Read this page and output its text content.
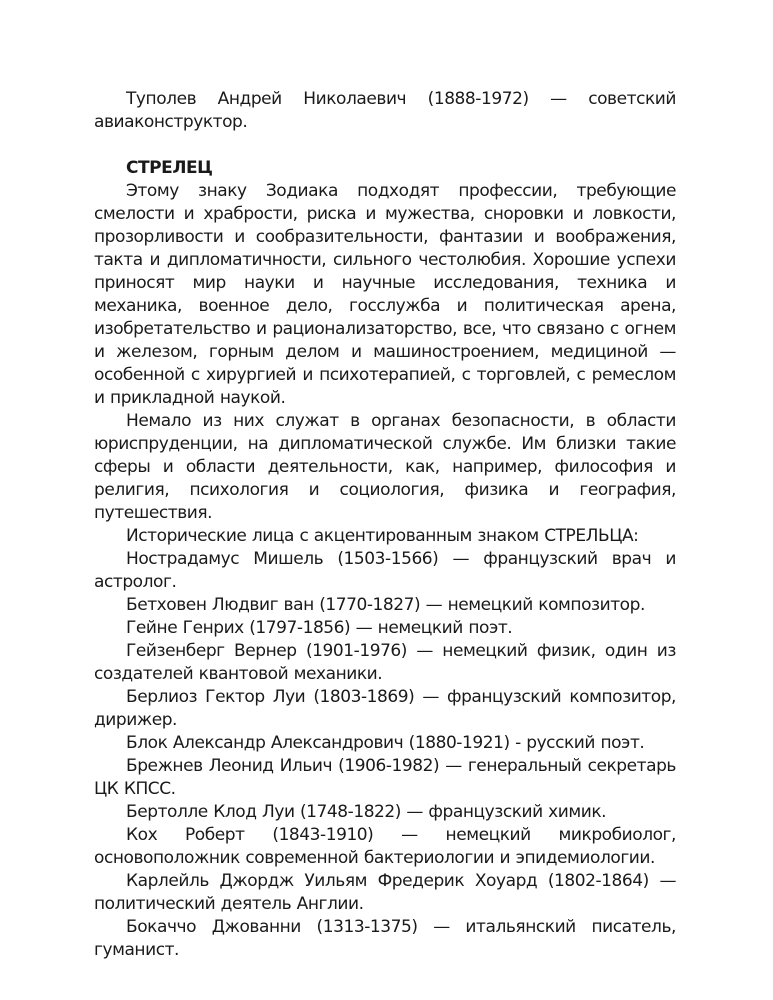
Туполев Андрей Николаевич (1888-1972) — советский авиаконструктор.

СТРЕЛЕЦ

Этому знаку Зодиака подходят профессии, требующие смелости и храбрости, риска и мужества, сноровки и ловкости, прозорливости и сообразительности, фантазии и воображения, такта и дипломатичности, сильного честолюбия. Хорошие успехи приносят мир науки и научные исследования, техника и механика, военное дело, госслужба и политическая арена, изобретательство и рационализаторство, все, что связано с огнем и железом, горным делом и машиностроением, медициной — особенной с хирургией и психотерапией, с торговлей, с ремеслом и прикладной наукой.

Немало из них служат в органах безопасности, в области юриспруденции, на дипломатической службе. Им близки такие сферы и области деятельности, как, например, философия и религия, психология и социология, физика и география, путешествия.

Исторические лица с акцентированным знаком СТРЕЛЬЦА:

Нострадамус Мишель (1503-1566) — французский врач и астролог.

Бетховен Людвиг ван (1770-1827) — немецкий композитор.

Гейне Генрих (1797-1856) — немецкий поэт.

Гейзенберг Вернер (1901-1976) — немецкий физик, один из создателей квантовой механики.

Берлиоз Гектор Луи (1803-1869) — французский композитор, дирижер.

Блок Александр Александрович (1880-1921) - русский поэт.

Брежнев Леонид Ильич (1906-1982) — генеральный секретарь ЦК КПСС.

Бертолле Клод Луи (1748-1822) — французский химик.

Кох Роберт (1843-1910) — немецкий микробиолог, основоположник современной бактериологии и эпидемиологии.

Карлейль Джордж Уильям Фредерик Хоуард (1802-1864) — политический деятель Англии.

Бокаччо Джованни (1313-1375) — итальянский писатель, гуманист.
